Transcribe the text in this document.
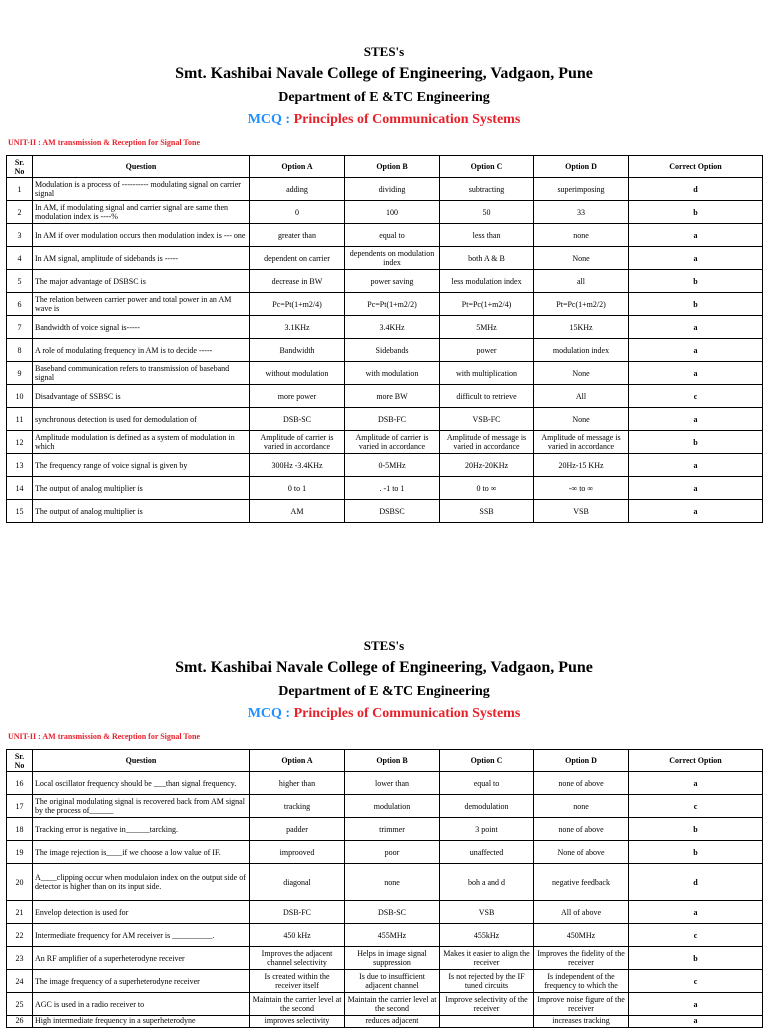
STES's
Smt. Kashibai Navale College of Engineering, Vadgaon, Pune
Department of E &TC Engineering
MCQ : Principles of Communication Systems
UNIT-II : AM transmission & Reception for Signal Tone
Sr. No	Question	Option A	Option B	Option C	Option D	Correct Option
1	Modulation is a process of ---------- modulating signal on carrier signal	adding	dividing	subtracting	superimposing	d
2	In AM, if modulating signal and carrier signal are same then modulation index is ----%	0	100	50	33	b
3	In AM if over modulation occurs then modulation index is --- one	greater than	equal to	less than	none	a
4	In AM signal, amplitude of sidebands is -----	dependent on carrier	dependents on modulation index	both A & B	None	a
5	The major advantage of DSBSC is	decrease in BW	power saving	less modulation index	all	b
6	The relation between carrier power and total power in an AM wave is	Pc=Pt(1+m2/4)	Pc=Pt(1+m2/2)	Pt=Pc(1+m2/4)	Pt=Pc(1+m2/2)	b
7	Bandwidth of voice signal is-----	3.1KHz	3.4KHz	5MHz	15KHz	a
8	A role of modulating frequency in AM is to decide -----	Bandwidth	Sidebands	power	modulation index	a
9	Baseband communication refers to transmission of baseband signal	without modulation	with modulation	with multiplication	None	a
10	Disadvantage of SSBSC is	more power	more BW	difficult to retrieve	All	c
11	synchronous detection is used for demodulation of	DSB-SC	DSB-FC	VSB-FC	None	a
12	Amplitude modulation is defined as a system of modulation in which	Amplitude of carrier is varied in accordance	Amplitude of carrier is varied in accordance	Amplitude of message is varied in accordance	Amplitude of message is varied in accordance	b
13	The frequency range of voice signal is given by	300Hz -3.4KHz	0-5MHz	20Hz-20KHz	20Hz-15 KHz	a
14	The output of analog multiplier is	0 to 1	. -1 to 1	0 to ∞	-∞ to ∞	a
15	The output of analog multiplier is	AM	DSBSC	SSB	VSB	a
STES's
Smt. Kashibai Navale College of Engineering, Vadgaon, Pune
Department of E &TC Engineering
MCQ : Principles of Communication Systems
UNIT-II : AM transmission & Reception for Signal Tone
Sr. No	Question	Option A	Option B	Option C	Option D	Correct Option
16	Local oscillator frequency should be ___than signal frequency.	higher than	lower than	equal to	none of above	a
17	The original modulating signal is recovered back from AM signal by the process of______	tracking	modulation	demodulation	none	c
18	Tracking error is negative in______tarcking.	padder	trimmer	3 point	none of above	b
19	The image rejection is____if we choose a low value of IF.	improoved	poor	unaffected	None of above	b
20	A____clipping occur when modulaion index on the output side of detector is higher than on its input side.	diagonal	none	boh a and d	negative feedback	d
21	Envelop detection is used for	DSB-FC	DSB-SC	VSB	All of above	a
22	Intermediate frequency for AM receiver is __________.	450 kHz	455MHz	455kHz	450MHz	c
23	An RF amplifier of a superheterodyne receiver	Improves the adjacent channel selectivity	Helps in image signal suppression	Makes it easier to align the receiver	Improves the fidelity of the receiver	b
24	The image frequency of a superheterodyne receiver	Is created within the receiver itself	Is due to insufficient adjacent channel	Is not rejected by the IF tuned circuits	Is independent of the frequency to which the	c
25	AGC is used in a radio receiver to	Maintain the carrier level at the second	Maintain the carrier level at the second	Improve selectivity of the receiver	Improve noise figure of the receiver	a
26	High intermediate frequency in a superheterodyne	improves selectivity	reduces adjacent		increases tracking	a
